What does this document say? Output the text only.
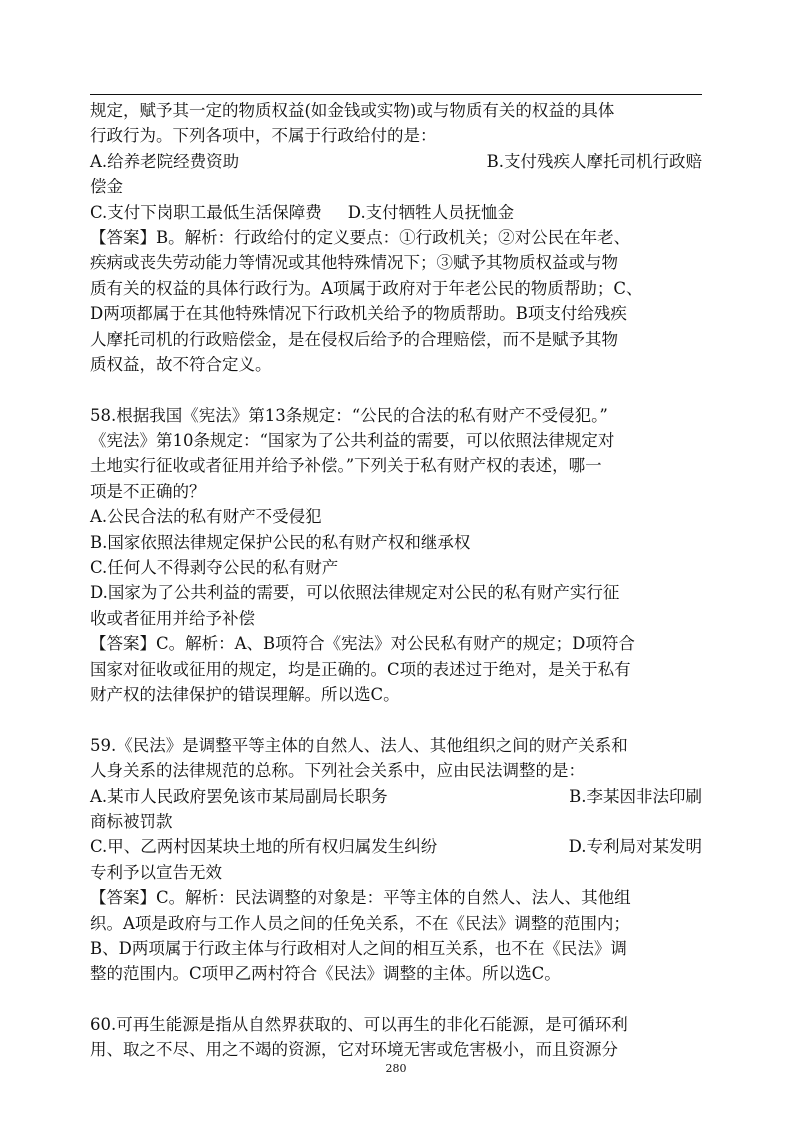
规定，赋予其一定的物质权益(如金钱或实物)或与物质有关的权益的具体
行政行为。下列各项中，不属于行政给付的是：
A.给养老院经费资助	B.支付残疾人摩托司机行政赔
偿金
C.支付下岗职工最低生活保障费 D.支付牺牲人员抚恤金
【答案】B。解析：行政给付的定义要点：①行政机关；②对公民在年老、
疾病或丧失劳动能力等情况或其他特殊情况下；③赋予其物质权益或与物
质有关的权益的具体行政行为。A项属于政府对于年老公民的物质帮助；C、
D两项都属于在其他特殊情况下行政机关给予的物质帮助。B项支付给残疾
人摩托司机的行政赔偿金，是在侵权后给予的合理赔偿，而不是赋予其物
质权益，故不符合定义。
58.根据我国《宪法》第13条规定：“公民的合法的私有财产不受侵犯。”
《宪法》第10条规定：“国家为了公共利益的需要，可以依照法律规定对
土地实行征收或者征用并给予补偿。”下列关于私有财产权的表述，哪一
项是不正确的？
A.公民合法的私有财产不受侵犯
B.国家依照法律规定保护公民的私有财产权和继承权
C.任何人不得剥夺公民的私有财产
D.国家为了公共利益的需要，可以依照法律规定对公民的私有财产实行征
收或者征用并给予补偿
【答案】C。解析：A、B项符合《宪法》对公民私有财产的规定；D项符合
国家对征收或征用的规定，均是正确的。C项的表述过于绝对，是关于私有
财产权的法律保护的错误理解。所以选C。
59.《民法》是调整平等主体的自然人、法人、其他组织之间的财产关系和
人身关系的法律规范的总称。下列社会关系中，应由民法调整的是：
A.某市人民政府罢免该市某局副局长职务	B.李某因非法印刷
商标被罚款
C.甲、乙两村因某块土地的所有权归属发生纠纷	D.专利局对某发明
专利予以宣告无效
【答案】C。解析：民法调整的对象是：平等主体的自然人、法人、其他组
织。A项是政府与工作人员之间的任免关系，不在《民法》调整的范围内；
B、D两项属于行政主体与行政相对人之间的相互关系，也不在《民法》调
整的范围内。C项甲乙两村符合《民法》调整的主体。所以选C。
60.可再生能源是指从自然界获取的、可以再生的非化石能源，是可循环利
用、取之不尽、用之不竭的资源，它对环境无害或危害极小，而且资源分
280
